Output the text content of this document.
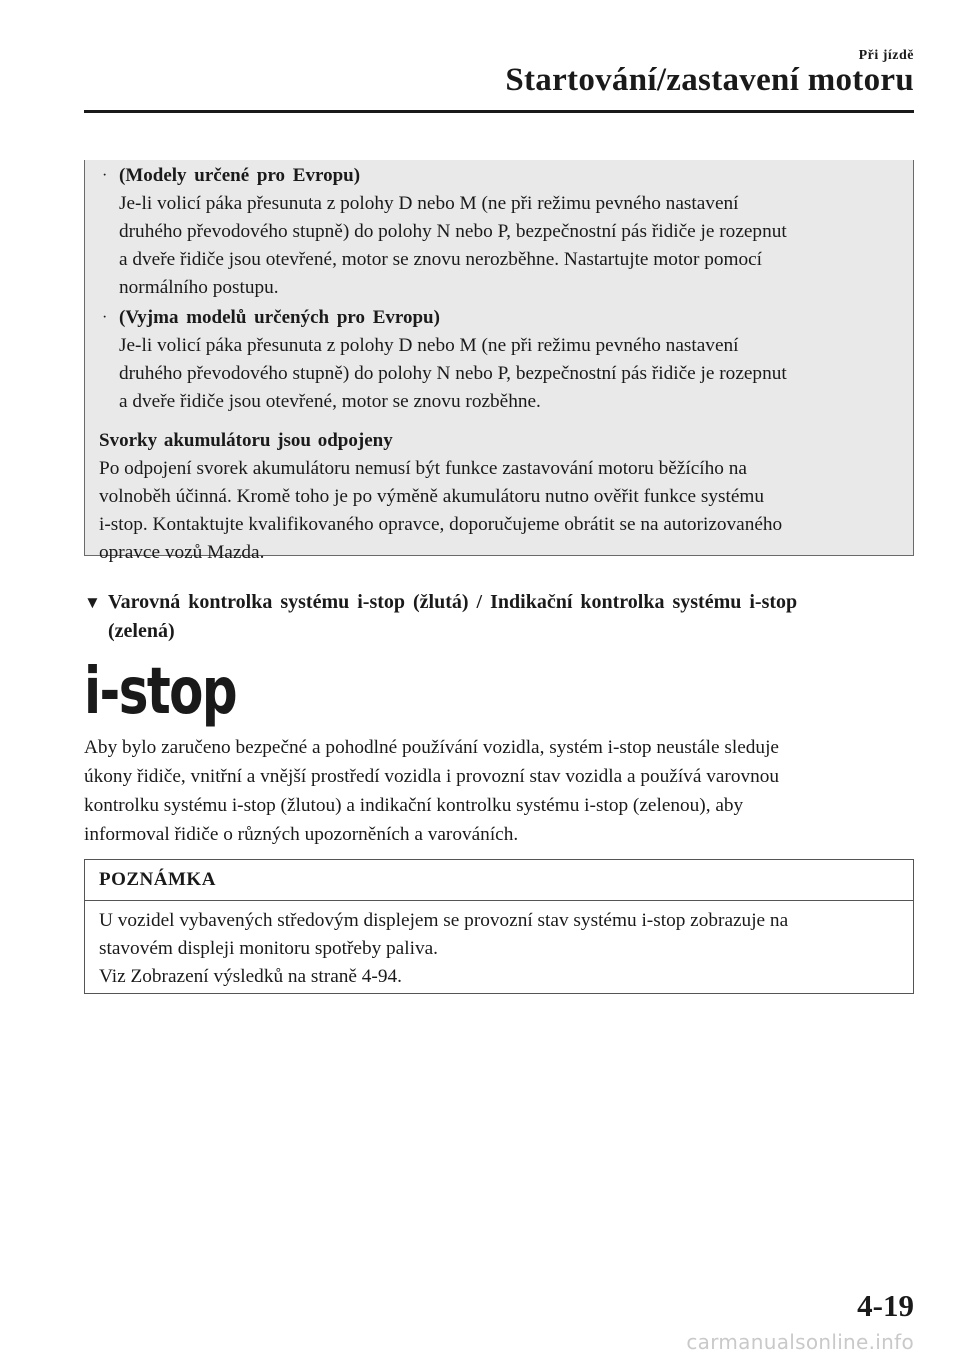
Při jízdě
Startování/zastavení motoru
· (Modely určené pro Evropu)

Je-li volicí páka přesunuta z polohy D nebo M (ne při režimu pevného nastavení

druhého převodového stupně) do polohy N nebo P, bezpečnostní pás řidiče je rozepnut

a dveře řidiče jsou otevřené, motor se znovu nerozběhne. Nastartujte motor pomocí

normálního postupu.

· (Vyjma modelů určených pro Evropu)

Je-li volicí páka přesunuta z polohy D nebo M (ne při režimu pevného nastavení

druhého převodového stupně) do polohy N nebo P, bezpečnostní pás řidiče je rozepnut

a dveře řidiče jsou otevřené, motor se znovu rozběhne.

Svorky akumulátoru jsou odpojeny

Po odpojení svorek akumulátoru nemusí být funkce zastavování motoru běžícího na

volnoběh účinná. Kromě toho je po výměně akumulátoru nutno ověřit funkce systému

i-stop. Kontaktujte kvalifikovaného opravce, doporučujeme obrátit se na autorizovaného

opravce vozů Mazda.

▼ Varovná kontrolka systému i-stop (žlutá) / Indikační kontrolka systému i-stop
(zelená)
i-stop
Aby bylo zaručeno bezpečné a pohodlné používání vozidla, systém i-stop neustále sleduje
úkony řidiče, vnitřní a vnější prostředí vozidla i provozní stav vozidla a používá varovnou
kontrolku systému i-stop (žlutou) a indikační kontrolku systému i-stop (zelenou), aby
informoval řidiče o různých upozorněních a varováních.
POZNÁMKA
U vozidel vybavených středovým displejem se provozní stav systému i-stop zobrazuje na
stavovém displeji monitoru spotřeby paliva.
Viz Zobrazení výsledků na straně 4-94.
4-19
carmanualsonline.info
